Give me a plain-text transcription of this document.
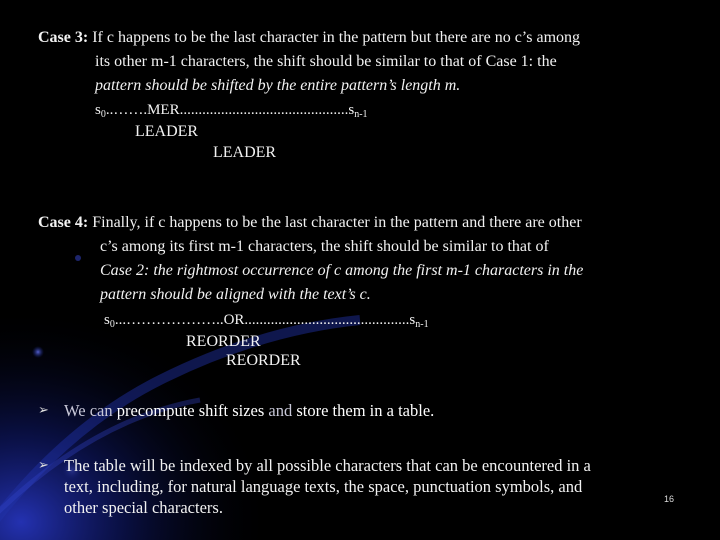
Case 3: If c happens to be the last character in the pattern but there are no c’s among
its other m-1 characters, the shift should be similar to that of Case 1: the
pattern should be shifted by the entire pattern’s length m.
$s_0..\dots\dots.MER.............................................s_{n-1}$
LEADER
LEADER
Case 4: Finally, if c happens to be the last character in the pattern and there are other
c’s among its first m-1 characters, the shift should be similar to that of
Case 2: the rightmost occurrence of c among the first m-1 characters in the
pattern should be aligned with the text’s c.
$s_0...\dots\dots\dots\dots\dots\dots..OR............................................s_{n-1}$
REORDER
REORDER
➢ We can precompute shift sizes and store them in a table.
➢ The table will be indexed by all possible characters that can be encountered in a
text, including, for natural language texts, the space, punctuation symbols, and
other special characters.	16
